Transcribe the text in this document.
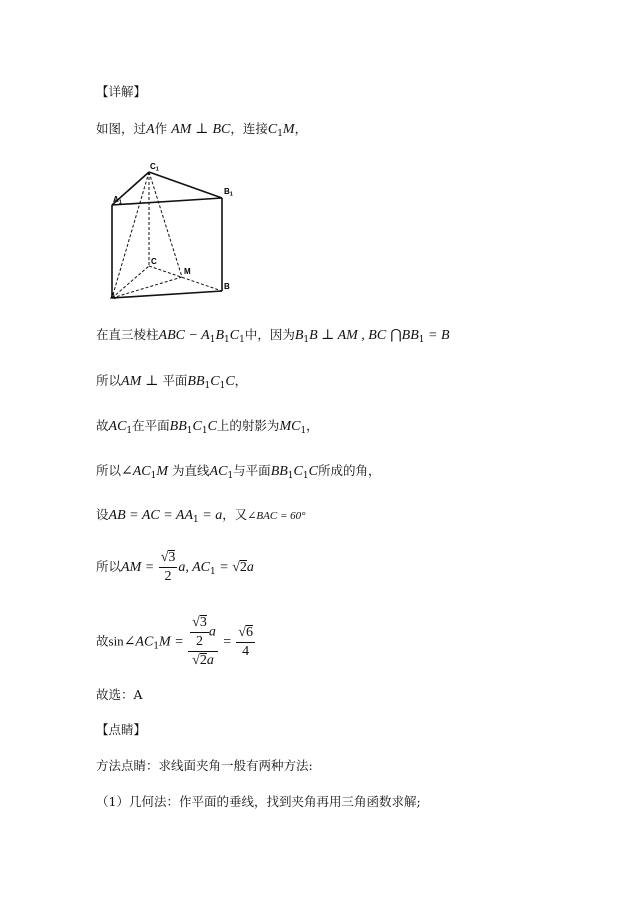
【详解】
如图，过A作 AM ⊥ BC，连接$C_1M$，
C1
A1
B1
C
M
A
B
在直三棱柱ABC − $A_1B_1C_1$中，因为$B_1B$ ⊥ AM , BC $⋂BB_1 = B$
所以AM ⊥ 平面$BB_1C_1C$，
故$AC_1$在平面$BB_1C_1C$上的射影为$MC_1$，
所以$\angle AC_1M$ 为直线$AC_1$与平面$BB_1C_1C$所成的角，
设AB = AC = $AA_1 = a$，又∠BAC = 60°
所以AM = $\frac{√3}{2} a$, $AC_1 = √2a$
故$\sin\angle AC_1M = \frac{\frac{√3}{2} a}{√2a} = \frac{√6}{4}$
故选：A
【点睛】
方法点睛：求线面夹角一般有两种方法:
（1）几何法：作平面的垂线，找到夹角再用三角函数求解;
